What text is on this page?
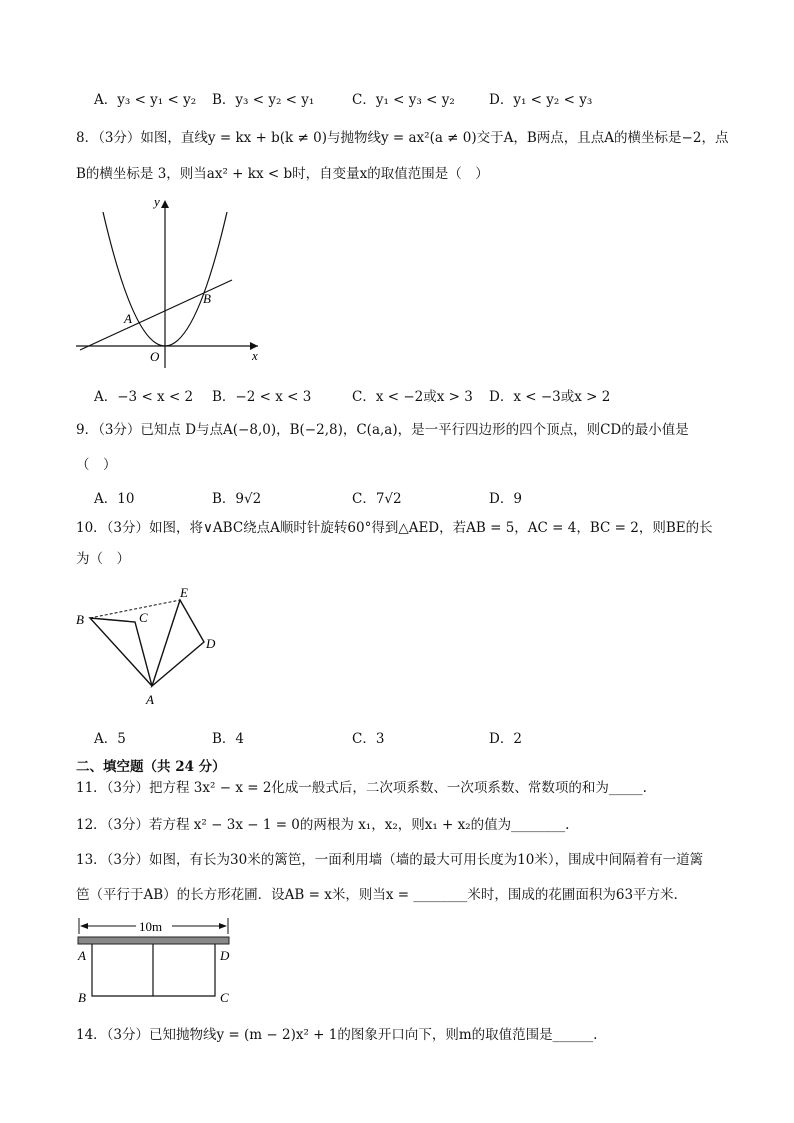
A．y₃ < y₁ < y₂ B．y₃ < y₂ < y₁	C．y₁ < y₃ < y₂	D．y₁ < y₂ < y₃
8．（3分）如图，直线y = kx + b(k ≠ 0)与抛物线y = ax²(a ≠ 0)交于A，B两点，且点A的横坐标是−2，点
B的横坐标是 3，则当ax² + kx < b时，自变量x的取值范围是（　）
y
x
O
A
B
A．−3 < x < 2 B．−2 < x < 3	C．x < −2或x > 3 D．x < −3或x > 2
9．（3分）已知点 D与点A(−8,0)，B(−2,8)，C(a,a)，是一平行四边形的四个顶点，则CD的最小值是
（　）
A．10	B．9√2	C．7√2	D．9
10．（3分）如图，将∨ABC绕点A顺时针旋转60°得到△AED，若AB = 5，AC = 4，BC = 2，则BE的长
为（　）
B	C
E
D
A
A．5	B．4	C．3	D．2
二、填空题（共 24 分）
11．（3分）把方程 3x² − x = 2化成一般式后，二次项系数、一次项系数、常数项的和为_____.
12．（3分）若方程 x² − 3x − 1 = 0的两根为 x₁，x₂，则x₁ + x₂的值为________.
13．（3分）如图，有长为30米的篱笆，一面利用墙（墙的最大可用长度为10米），围成中间隔着有一道篱
笆（平行于AB）的长方形花圃．设AB = x米，则当x = ________米时，围成的花圃面积为63平方米.
10m
A	D
B	C
14．（3分）已知抛物线y = (m − 2)x² + 1的图象开口向下，则m的取值范围是______.
